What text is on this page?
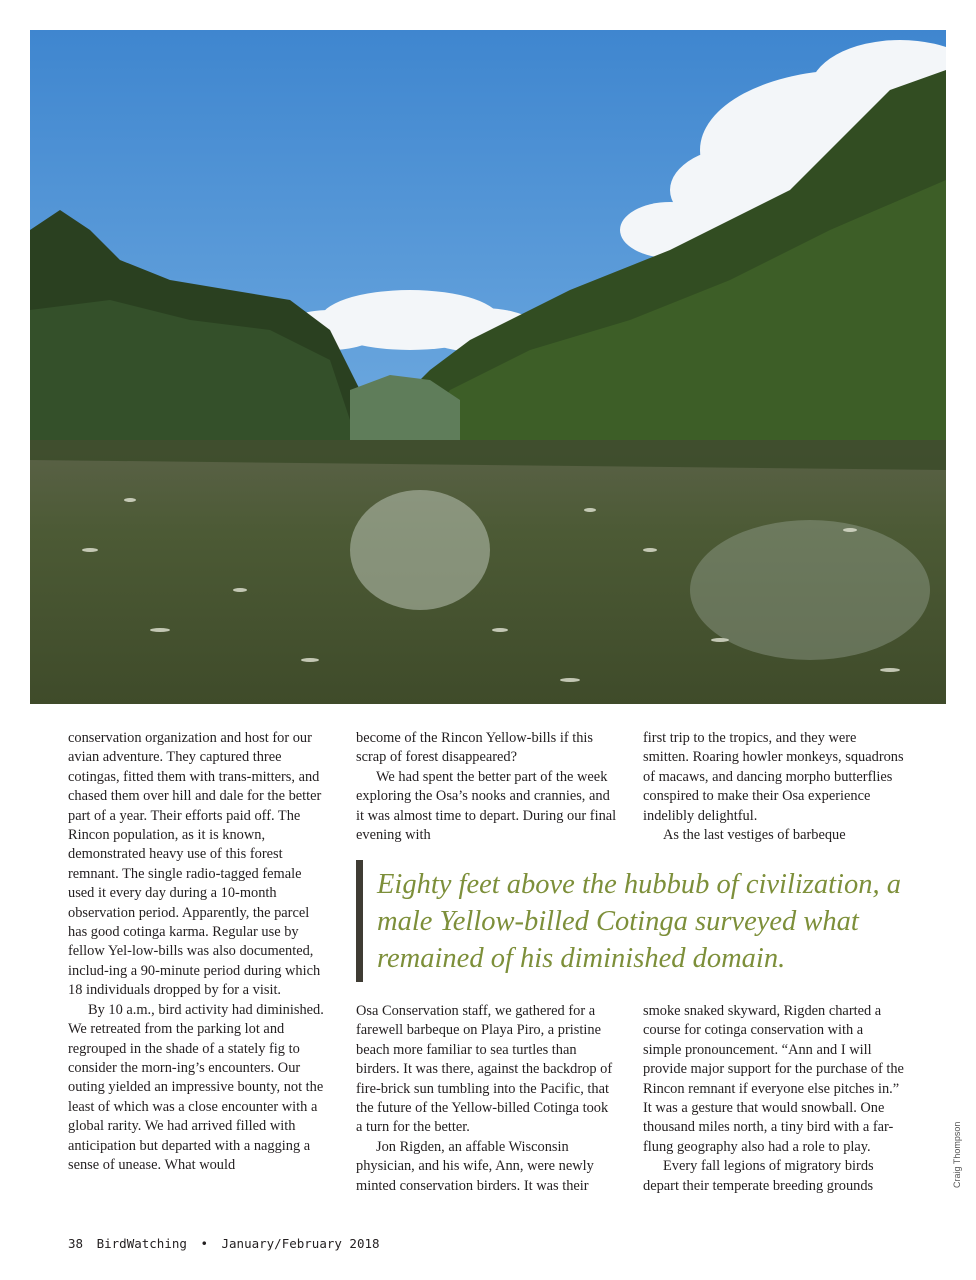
conservation organization and host for our avian adventure. They captured three cotingas, fitted them with trans-mitters, and chased them over hill and dale for the better part of a year. Their efforts paid off. The Rincon population, as it is known, demonstrated heavy use of this forest remnant. The single radio-tagged female used it every day during a 10-month observation period. Apparently, the parcel has good cotinga karma. Regular use by fellow Yel-low-bills was also documented, includ-ing a 90-minute period during which 18 individuals dropped by for a visit.

By 10 a.m., bird activity had diminished. We retreated from the parking lot and regrouped in the shade of a stately fig to consider the morn-ing’s encounters. Our outing yielded an impressive bounty, not the least of which was a close encounter with a global rarity. We had arrived filled with anticipation but departed with a nagging a sense of unease. What would

become of the Rincon Yellow-bills if this scrap of forest disappeared?

We had spent the better part of the week exploring the Osa’s nooks and crannies, and it was almost time to depart. During our final evening with

first trip to the tropics, and they were smitten. Roaring howler monkeys, squadrons of macaws, and dancing morpho butterflies conspired to make their Osa experience indelibly delightful.

As the last vestiges of barbeque

Eighty feet above the hubbub of civilization, a male Yellow-billed Cotinga surveyed what remained of his diminished domain.

Osa Conservation staff, we gathered for a farewell barbeque on Playa Piro, a pristine beach more familiar to sea turtles than birders. It was there, against the backdrop of fire-brick sun tumbling into the Pacific, that the future of the Yellow-billed Cotinga took a turn for the better.

Jon Rigden, an affable Wisconsin physician, and his wife, Ann, were newly minted conservation birders. It was their

smoke snaked skyward, Rigden charted a course for cotinga conservation with a simple pronouncement. “Ann and I will provide major support for the purchase of the Rincon remnant if everyone else pitches in.” It was a gesture that would snowball. One thousand miles north, a tiny bird with a far-flung geography also had a role to play.

Every fall legions of migratory birds depart their temperate breeding grounds	Craig Thompson
38 BirdWatching • January/February 2018
